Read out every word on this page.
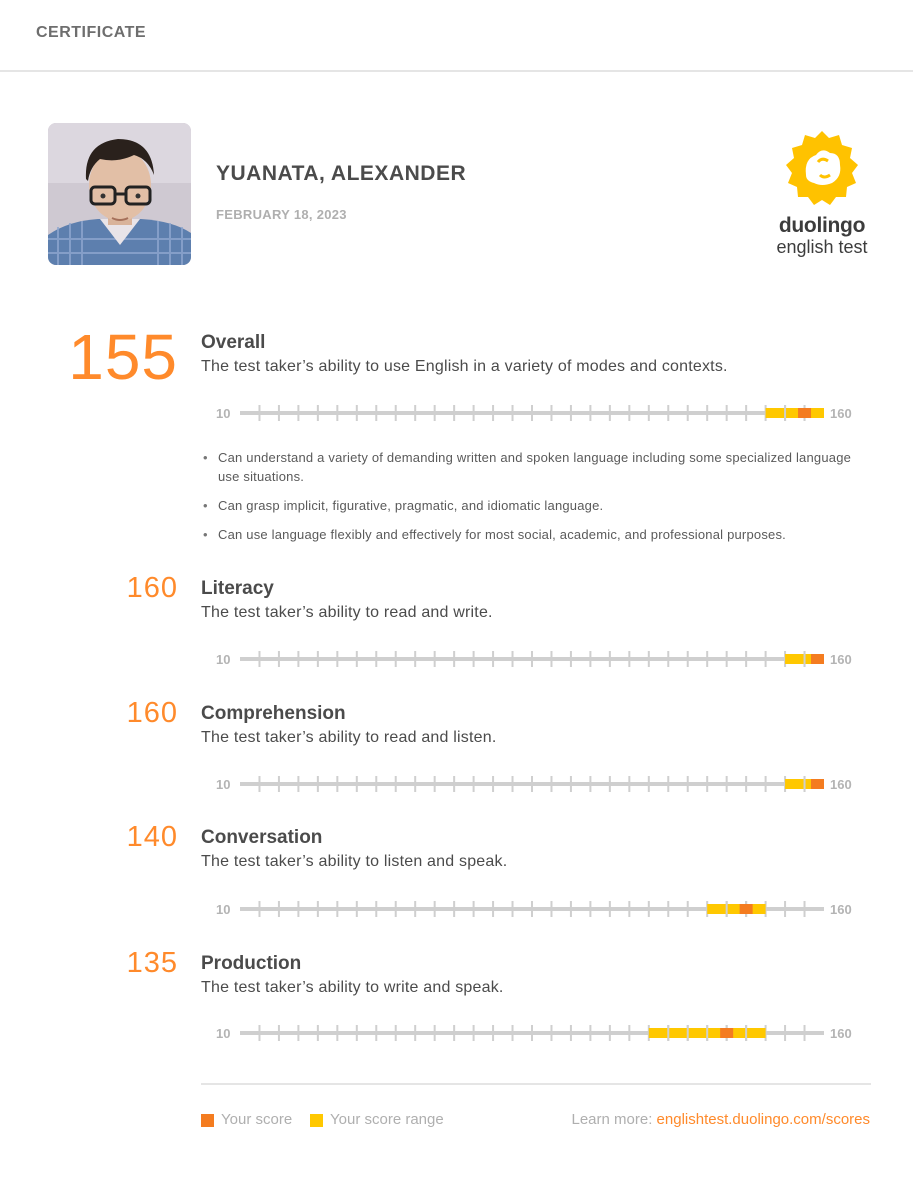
CERTIFICATE
YUANATA, ALEXANDER
FEBRUARY 18, 2023	duolingo
english test
155 Overall
The test taker’s ability to use English in a variety of modes and contexts.
10	160
• Can understand a variety of demanding written and spoken language including some specialized language use situations.
• Can grasp implicit, figurative, pragmatic, and idiomatic language.
• Can use language flexibly and effectively for most social, academic, and professional purposes.
160 Literacy
The test taker’s ability to read and write.
10	160
160 Comprehension
The test taker’s ability to read and listen.
10	160
140 Conversation
The test taker’s ability to listen and speak.
10	160
135 Production
The test taker’s ability to write and speak.
10	160
Your score	Your score range	Learn more: englishtest.duolingo.com/scores
